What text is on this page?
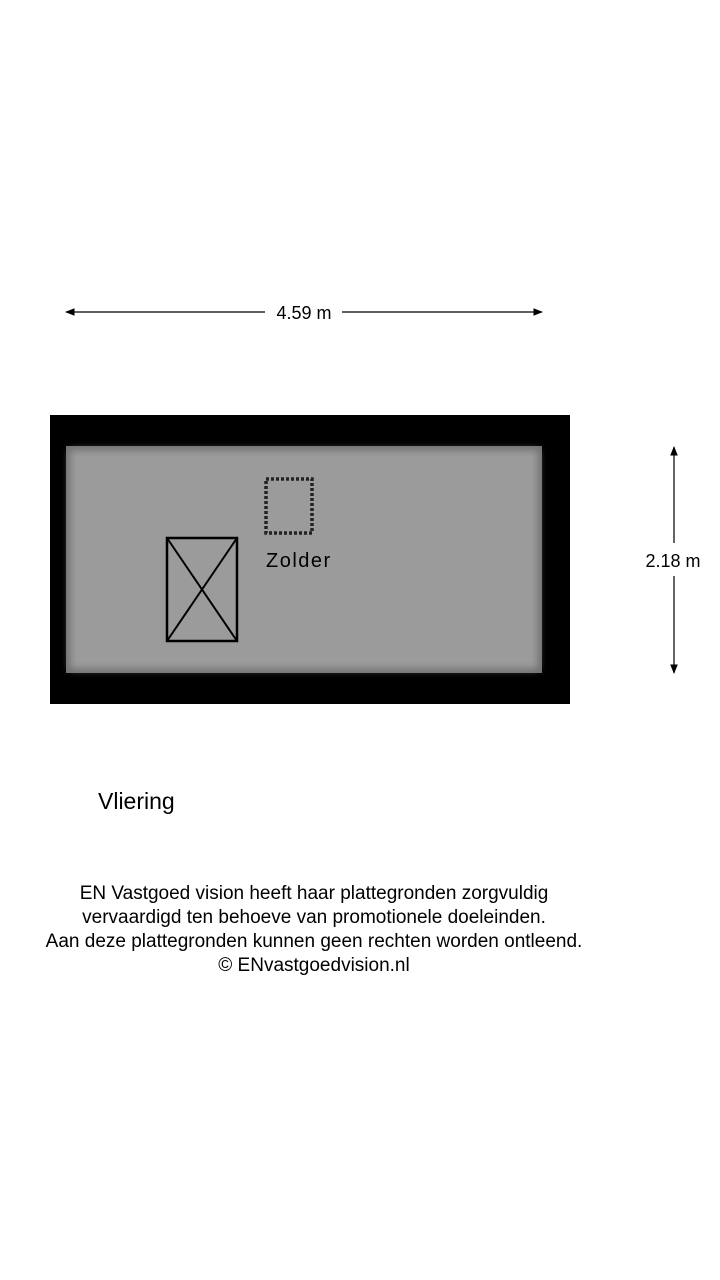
4.59 m
2.18 m
Zolder
Vliering
EN Vastgoed vision heeft haar plattegronden zorgvuldig
vervaardigd ten behoeve van promotionele doeleinden.
Aan deze plattegronden kunnen geen rechten worden ontleend.
© ENvastgoedvision.nl
